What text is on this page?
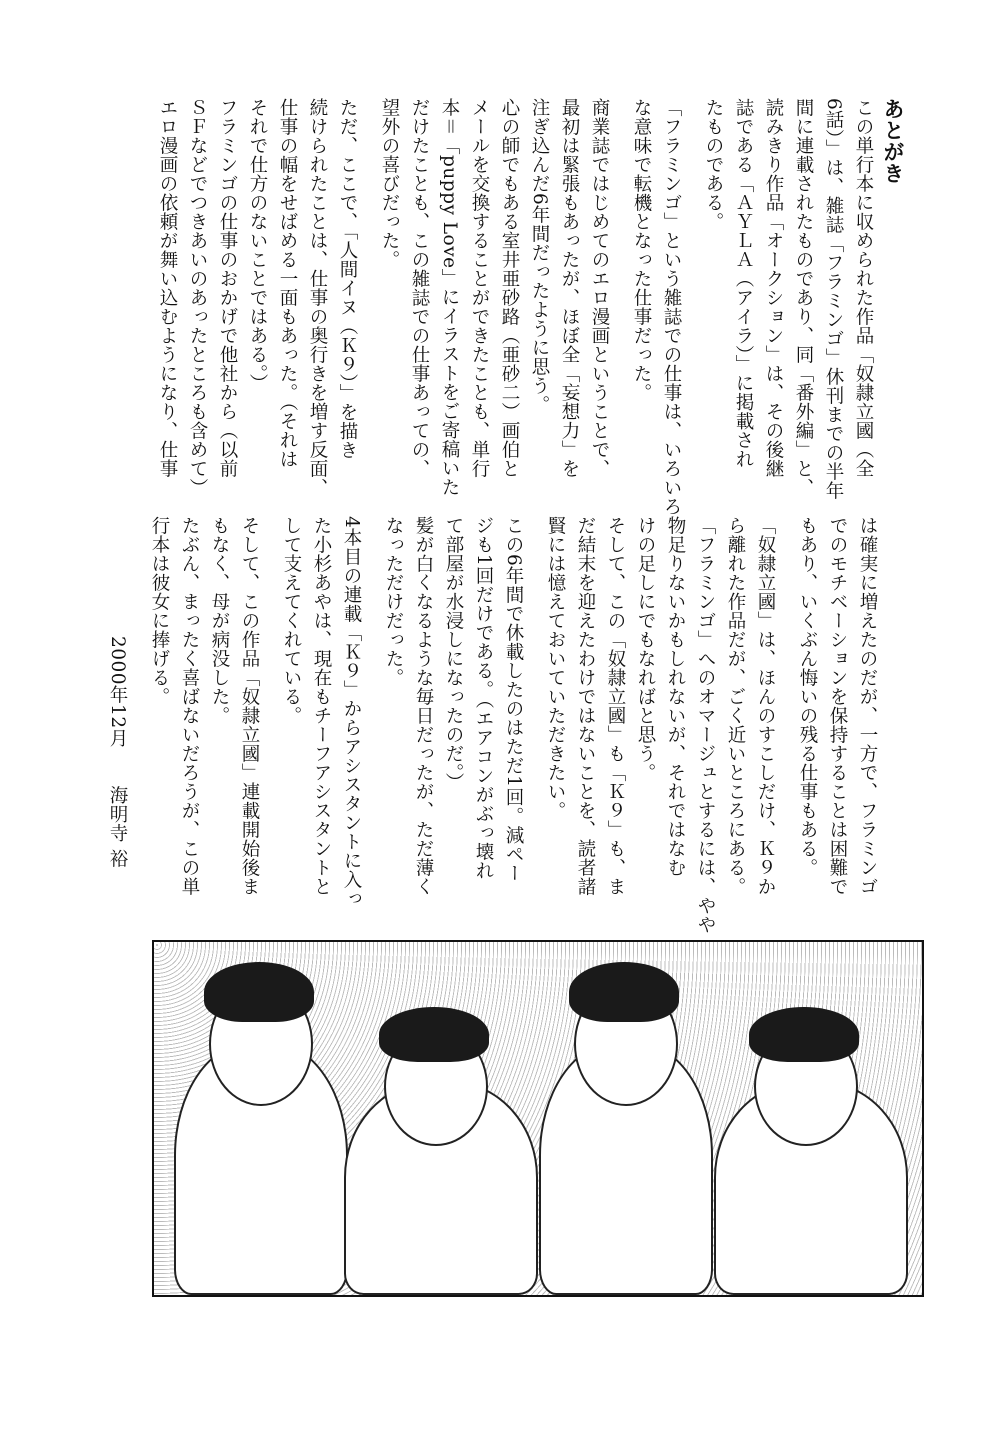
あとがき
この単行本に収められた作品「奴隷立國（全
6話）」は、雑誌「フラミンゴ」休刊までの半年
間に連載されたものであり、同「番外編」と、
読みきり作品「オークション」は、その後継
誌である「ＡＹＬＡ（アイラ）」に掲載され
たものである。
「フラミンゴ」という雑誌での仕事は、いろいろ
な意味で転機となった仕事だった。
商業誌ではじめてのエロ漫画ということで、
最初は緊張もあったが、ほぼ全「妄想力」を
注ぎ込んだ6年間だったように思う。
心の師でもある室井亜砂路（亜砂二）画伯と
メールを交換することができたことも、単行
本＝「puppy Love」にイラストをご寄稿いた
だけたことも、この雑誌での仕事あっての、
望外の喜びだった。
ただ、ここで、「人間イヌ（Ｋ９）」を描き
続けられたことは、仕事の奥行きを増す反面、
仕事の幅をせばめる一面もあった。（それは
それで仕方のないことではある。）
フラミンゴの仕事のおかげで他社から（以前
ＳＦなどでつきあいのあったところも含めて）
エロ漫画の依頼が舞い込むようになり、仕事
は確実に増えたのだが、一方で、フラミンゴ
でのモチベーションを保持することは困難で
もあり、いくぶん悔いの残る仕事もある。
「奴隷立國」は、ほんのすこしだけ、Ｋ９か
ら離れた作品だが、ごく近いところにある。
「フラミンゴ」へのオマージュとするには、やや
物足りないかもしれないが、それではなむ
けの足しにでもなればと思う。
そして、この「奴隷立國」も「Ｋ９」も、ま
だ結末を迎えたわけではないことを、読者諸
賢には憶えておいていただきたい。
この6年間で休載したのはただ1回。減ペー
ジも1回だけである。（エアコンがぶっ壊れ
て部屋が水浸しになったのだ。）
髪が白くなるような毎日だったが、ただ薄く
なっただけだった。
4本目の連載「Ｋ９」からアシスタントに入っ
た小杉あやは、現在もチーフアシスタントと
して支えてくれている。
そして、この作品「奴隷立國」連載開始後ま
もなく、母が病没した。
たぶん、まったく喜ばないだろうが、この単
行本は彼女に捧げる。
2000年12月　　海明寺 裕
